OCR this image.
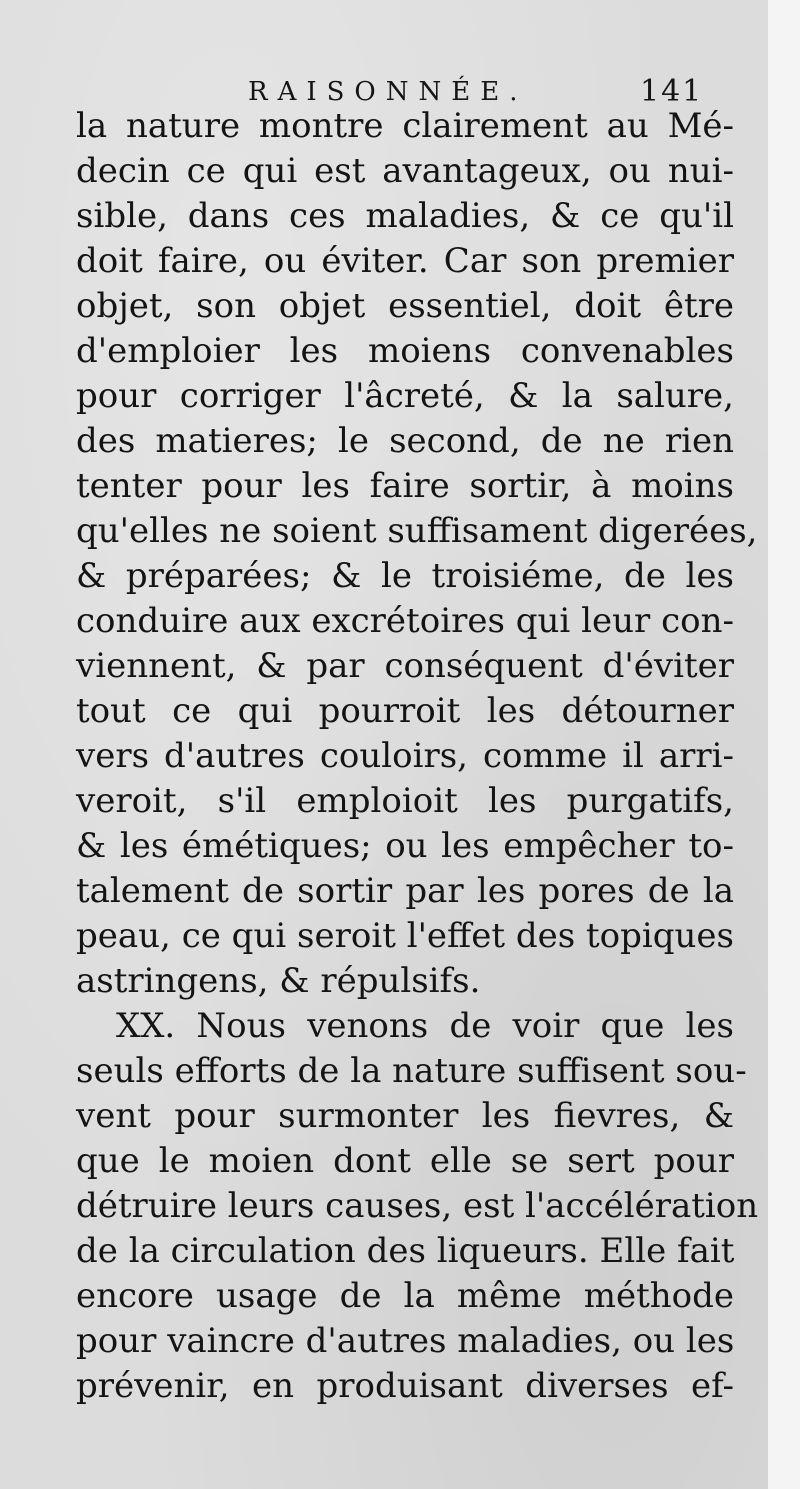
RAISONNÉE.	141
la nature montre clairement au Mé-
decin ce qui est avantageux, ou nui-
sible, dans ces maladies, & ce qu'il
doit faire, ou éviter. Car son premier
objet, son objet essentiel, doit être
d'emploier les moiens convenables
pour corriger l'âcreté, & la salure,
des matieres; le second, de ne rien
tenter pour les faire sortir, à moins
qu'elles ne soient suffisament digerées,
& préparées; & le troisiéme, de les
conduire aux excrétoires qui leur con-
viennent, & par conséquent d'éviter
tout ce qui pourroit les détourner
vers d'autres couloirs, comme il arri-
veroit, s'il emploioit les purgatifs,
& les émétiques; ou les empêcher to-
talement de sortir par les pores de la
peau, ce qui seroit l'effet des topiques
astringens, & répulsifs.
XX. Nous venons de voir que les
seuls efforts de la nature suffisent sou-
vent pour surmonter les fievres, &
que le moien dont elle se sert pour
détruire leurs causes, est l'accélération
de la circulation des liqueurs. Elle fait
encore usage de la même méthode
pour vaincre d'autres maladies, ou les
prévenir, en produisant diverses ef-
